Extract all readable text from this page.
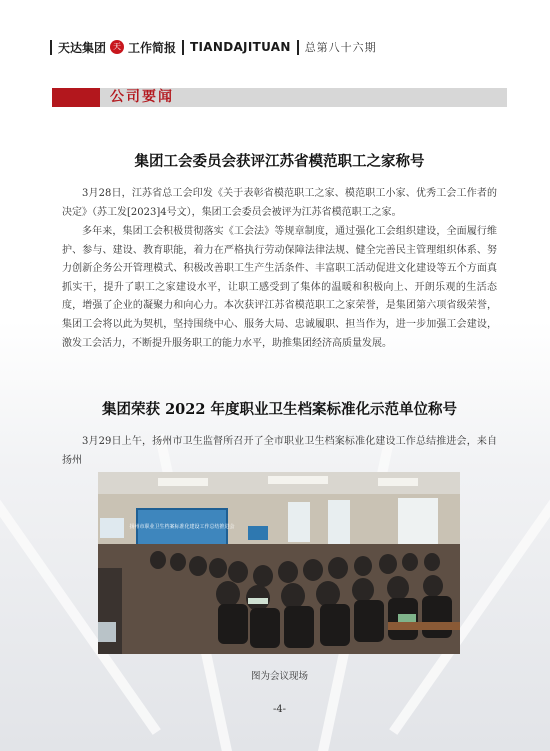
天达集团 天 工作简报 TIANDAJITUAN 总第八十六期
公司要闻
集团工会委员会获评江苏省模范职工之家称号

3月28日，江苏省总工会印发《关于表彰省模范职工之家、模范职工小家、优秀工会工作者的决定》（苏工发[2023]4号文），集团工会委员会被评为江苏省模范职工之家。

多年来，集团工会积极贯彻落实《工会法》等规章制度，通过强化工会组织建设，全面履行维护、参与、建设、教育职能，着力在严格执行劳动保障法律法规、健全完善民主管理组织体系、努力创新企务公开管理模式、积极改善职工生产生活条件、丰富职工活动促进文化建设等五个方面真抓实干，提升了职工之家建设水平，让职工感受到了集体的温暖和积极向上、开朗乐观的生活态度，增强了企业的凝聚力和向心力。本次获评江苏省模范职工之家荣誉，是集团第六项省级荣誉，集团工会将以此为契机，坚持围绕中心、服务大局、忠诚履职、担当作为，进一步加强工会建设，激发工会活力，不断提升服务职工的能力水平，助推集团经济高质量发展。

集团荣获 2022 年度职业卫生档案标准化示范单位称号

3月29日上午，扬州市卫生监督所召开了全市职业卫生档案标准化建设工作总结推进会，来自扬州

扬州市职业卫生档案标准化建设工作总结推进会
图为会议现场
-4-
